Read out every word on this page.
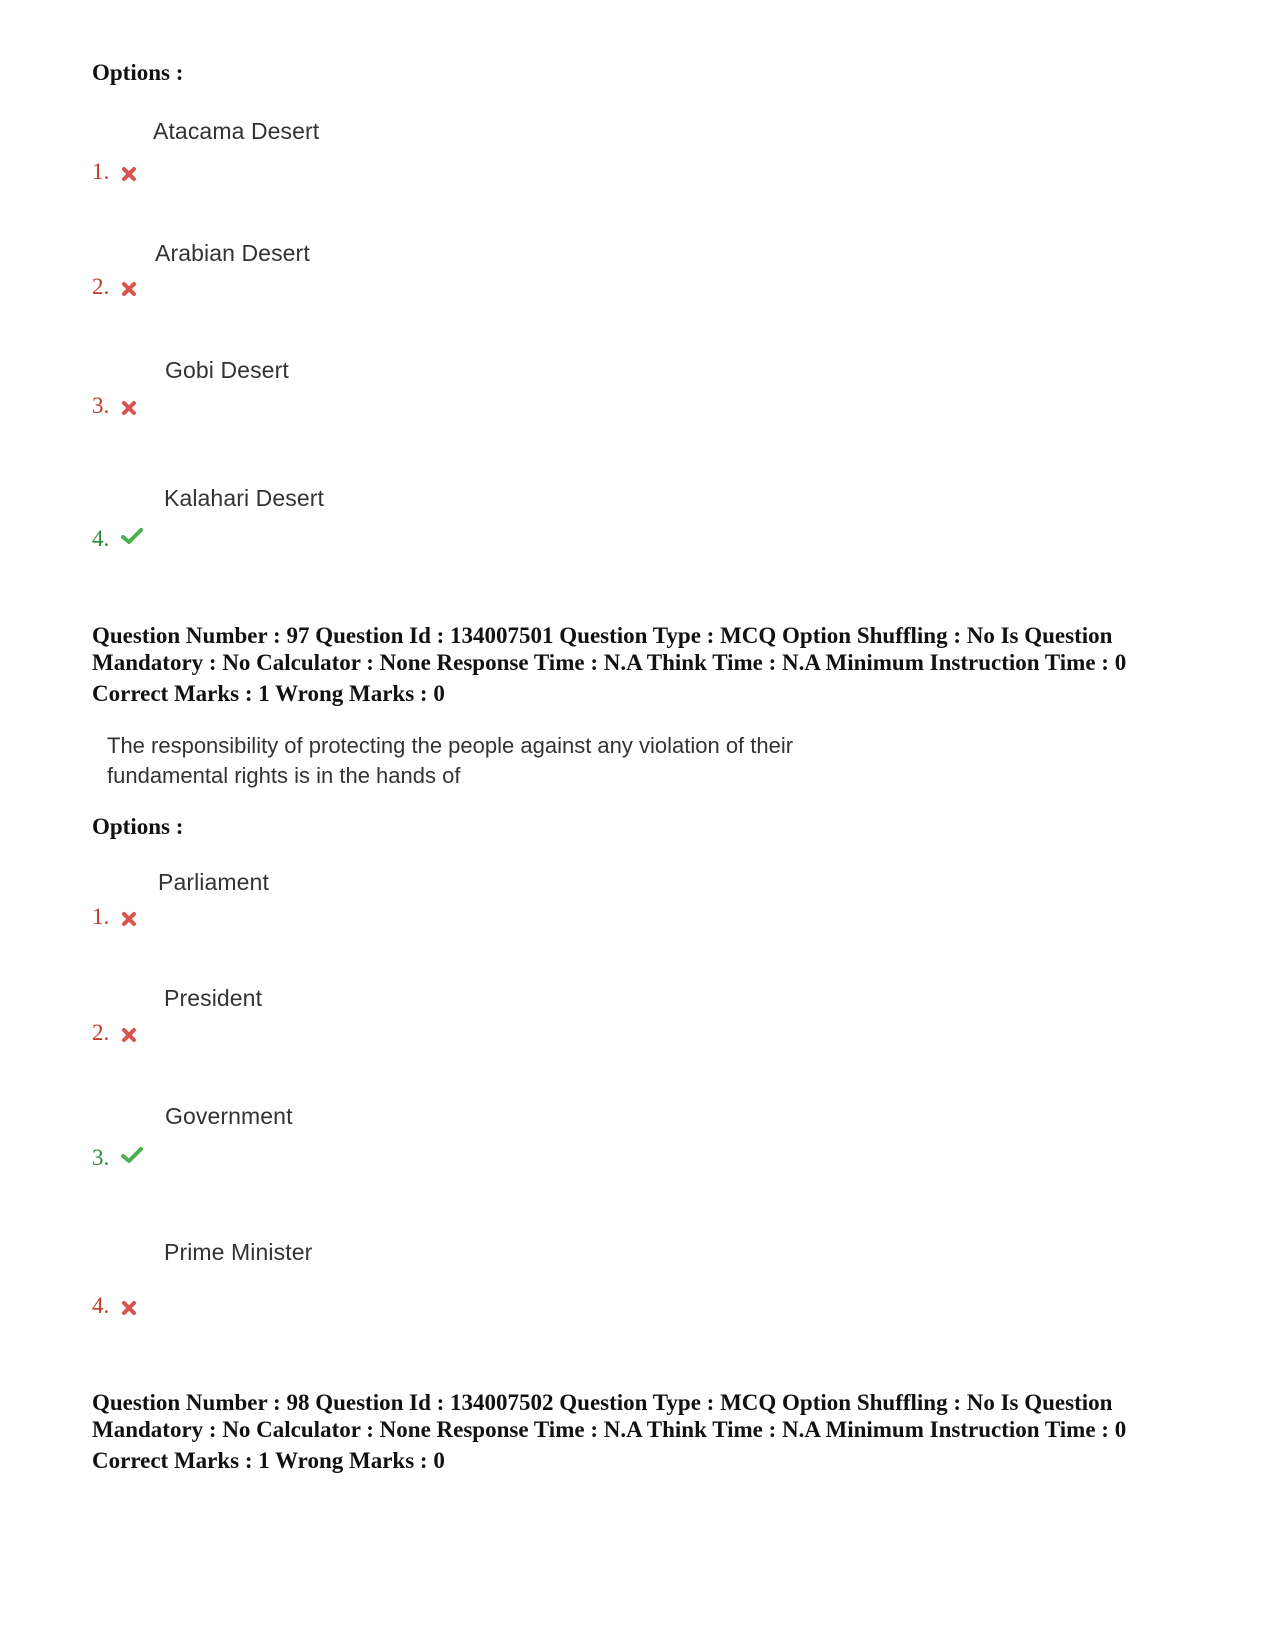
Options :
Atacama Desert
1.
Arabian Desert
2.
Gobi Desert
3.
Kalahari Desert
4.
Question Number : 97 Question Id : 134007501 Question Type : MCQ Option Shuffling : No Is Question
Mandatory : No Calculator : None Response Time : N.A Think Time : N.A Minimum Instruction Time : 0
Correct Marks : 1 Wrong Marks : 0
The responsibility of protecting the people against any violation of their
fundamental rights is in the hands of
Options :
Parliament
1.
President
2.
Government
3.
Prime Minister
4.
Question Number : 98 Question Id : 134007502 Question Type : MCQ Option Shuffling : No Is Question
Mandatory : No Calculator : None Response Time : N.A Think Time : N.A Minimum Instruction Time : 0
Correct Marks : 1 Wrong Marks : 0
